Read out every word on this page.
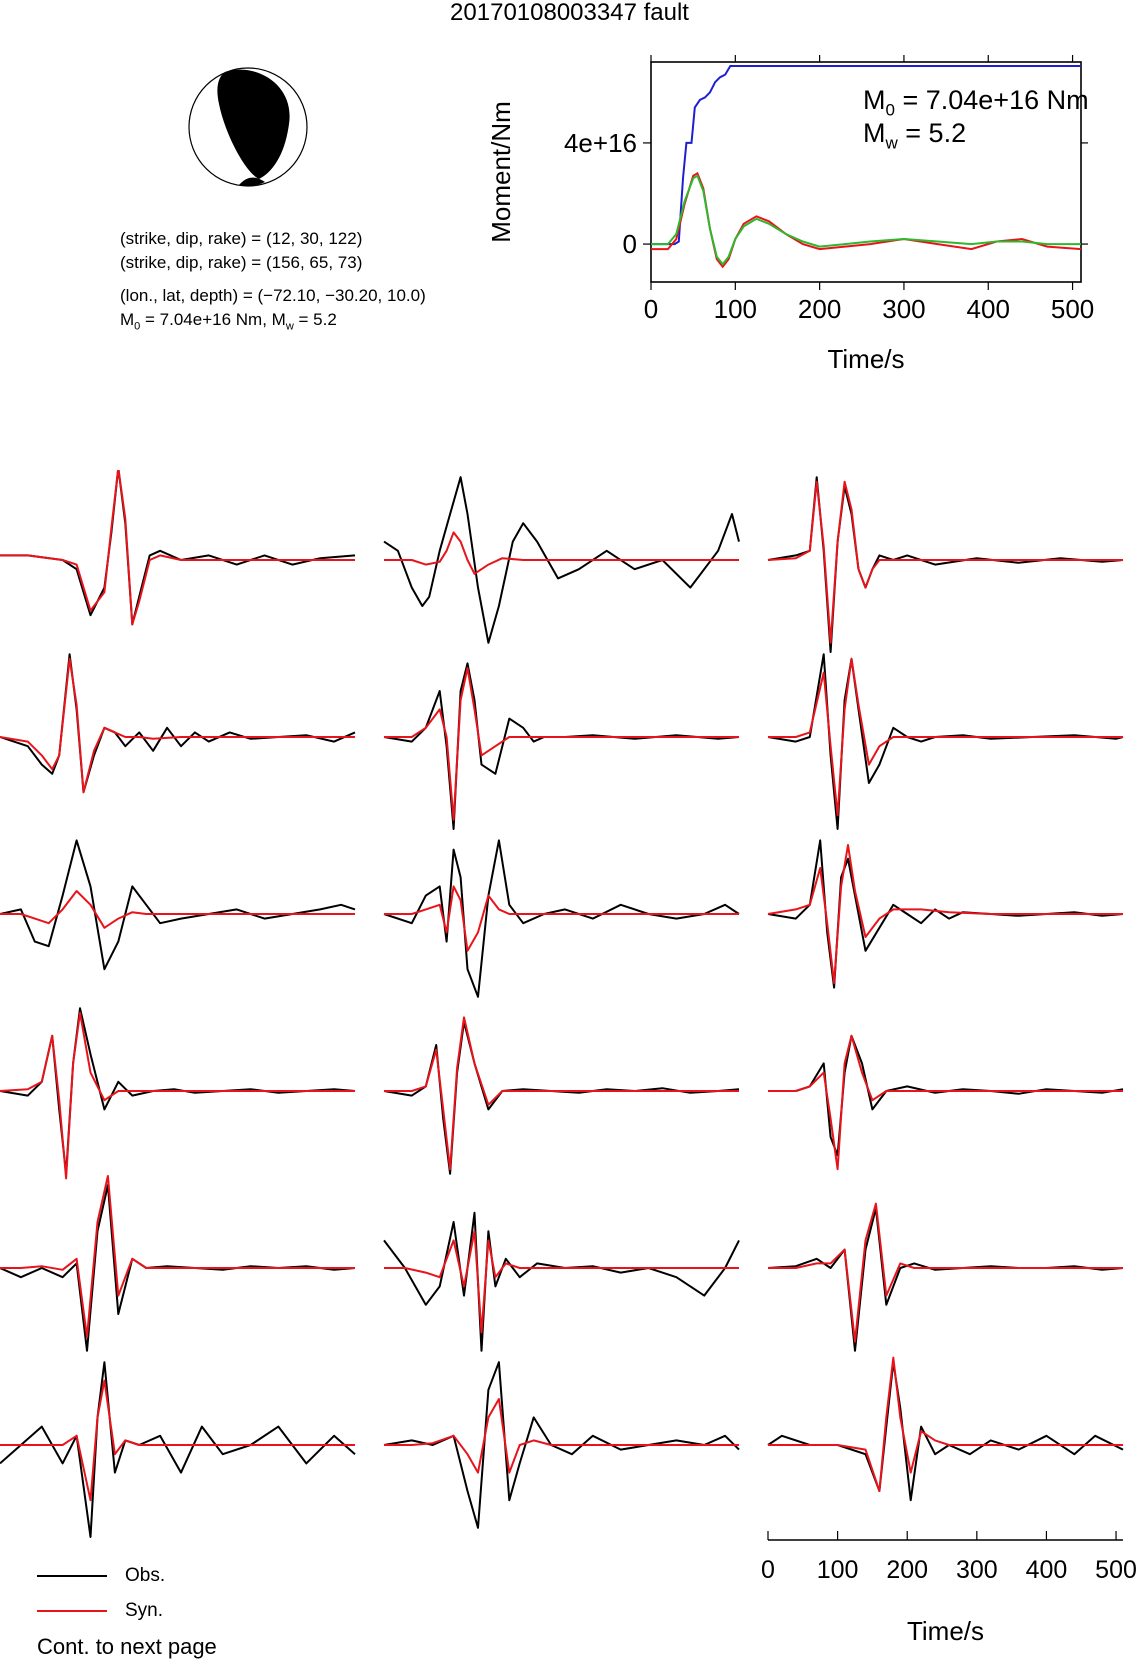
20170108003347 fault
(strike, dip, rake) = (12, 30, 122)
(strike, dip, rake) = (156, 65, 73)
(lon., lat, depth) = (−72.10, −30.20, 10.0)
$M_0 = 7.04e+16$ Nm, $M_w = 5.2$	0 100 200 300 400 500
0
4e+16
Time/s
Moment/Nm
$M_0 = 7.04e+16$ Nm
$M_w = 5.2$
0 100 200 300 400 500
Time/s
Obs.
Syn.
Cont. to next page
